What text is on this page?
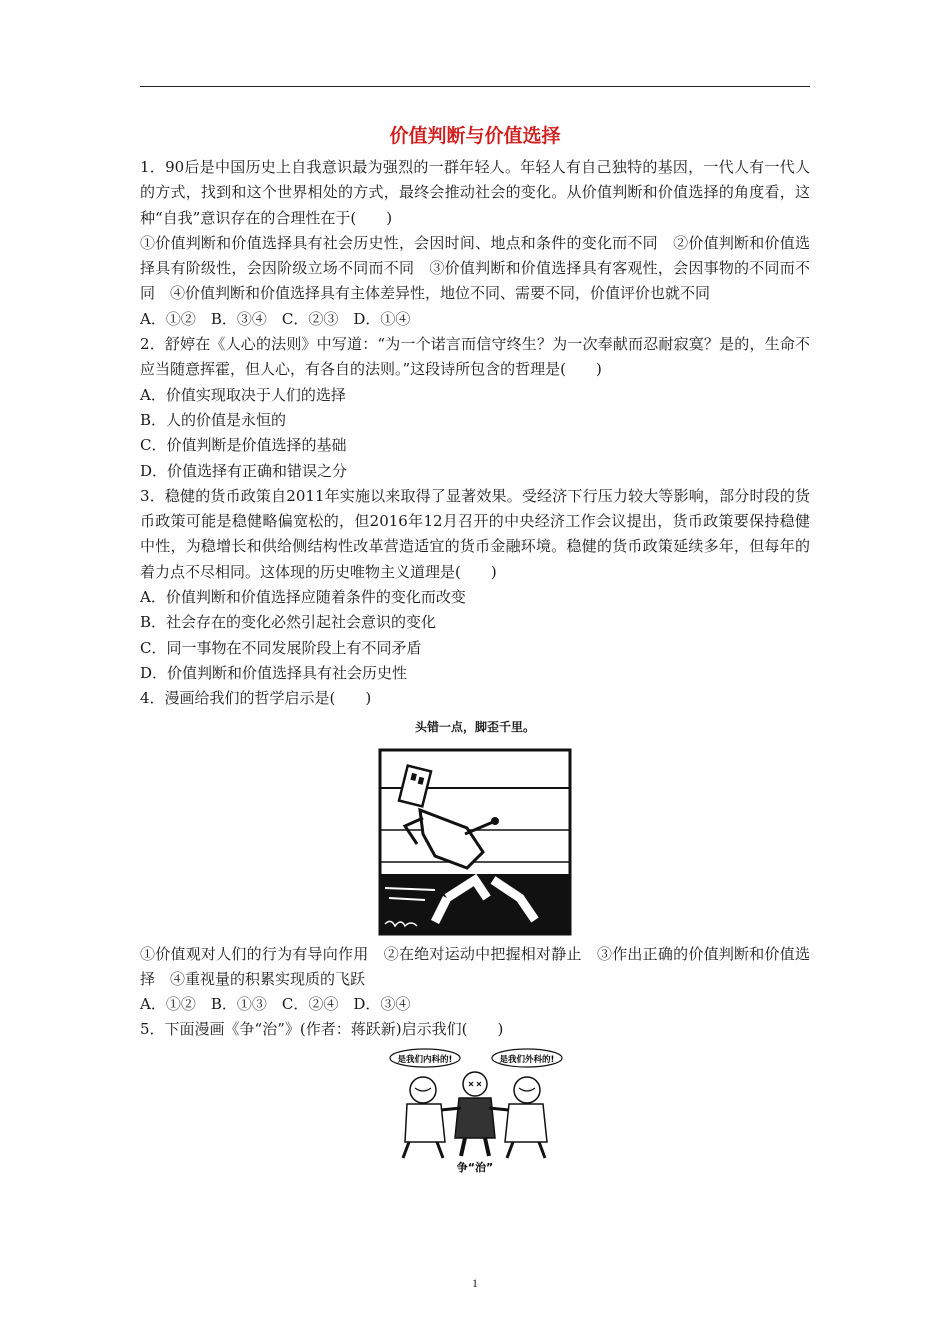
价值判断与价值选择

1．90后是中国历史上自我意识最为强烈的一群年轻人。年轻人有自己独特的基因，一代人有一代人的方式，找到和这个世界相处的方式，最终会推动社会的变化。从价值判断和价值选择的角度看，这种“自我”意识存在的合理性在于(　　)

①价值判断和价值选择具有社会历史性，会因时间、地点和条件的变化而不同　②价值判断和价值选择具有阶级性，会因阶级立场不同而不同　③价值判断和价值选择具有客观性，会因事物的不同而不同　④价值判断和价值选择具有主体差异性，地位不同、需要不同，价值评价也就不同

A．①②　B．③④　C．②③　D．①④

2．舒婷在《人心的法则》中写道：“为一个诺言而信守终生？为一次奉献而忍耐寂寞？是的，生命不应当随意挥霍，但人心，有各自的法则。”这段诗所包含的哲理是(　　)

A．价值实现取决于人们的选择

B．人的价值是永恒的

C．价值判断是价值选择的基础

D．价值选择有正确和错误之分

3．稳健的货币政策自2011年实施以来取得了显著效果。受经济下行压力较大等影响，部分时段的货币政策可能是稳健略偏宽松的，但2016年12月召开的中央经济工作会议提出，货币政策要保持稳健中性，为稳增长和供给侧结构性改革营造适宜的货币金融环境。稳健的货币政策延续多年，但每年的着力点不尽相同。这体现的历史唯物主义道理是(　　)

A．价值判断和价值选择应随着条件的变化而改变

B．社会存在的变化必然引起社会意识的变化

C．同一事物在不同发展阶段上有不同矛盾

D．价值判断和价值选择具有社会历史性

4．漫画给我们的哲学启示是(　　)

头错一点，脚歪千里。

①价值观对人们的行为有导向作用　②在绝对运动中把握相对静止　③作出正确的价值判断和价值选择　④重视量的积累实现质的飞跃

A．①②　B．①③　C．②④　D．③④

5．下面漫画《争“治”》(作者：蒋跃新)启示我们(　　)

是我们内科的!	是我们外科的!
争“治”
1
